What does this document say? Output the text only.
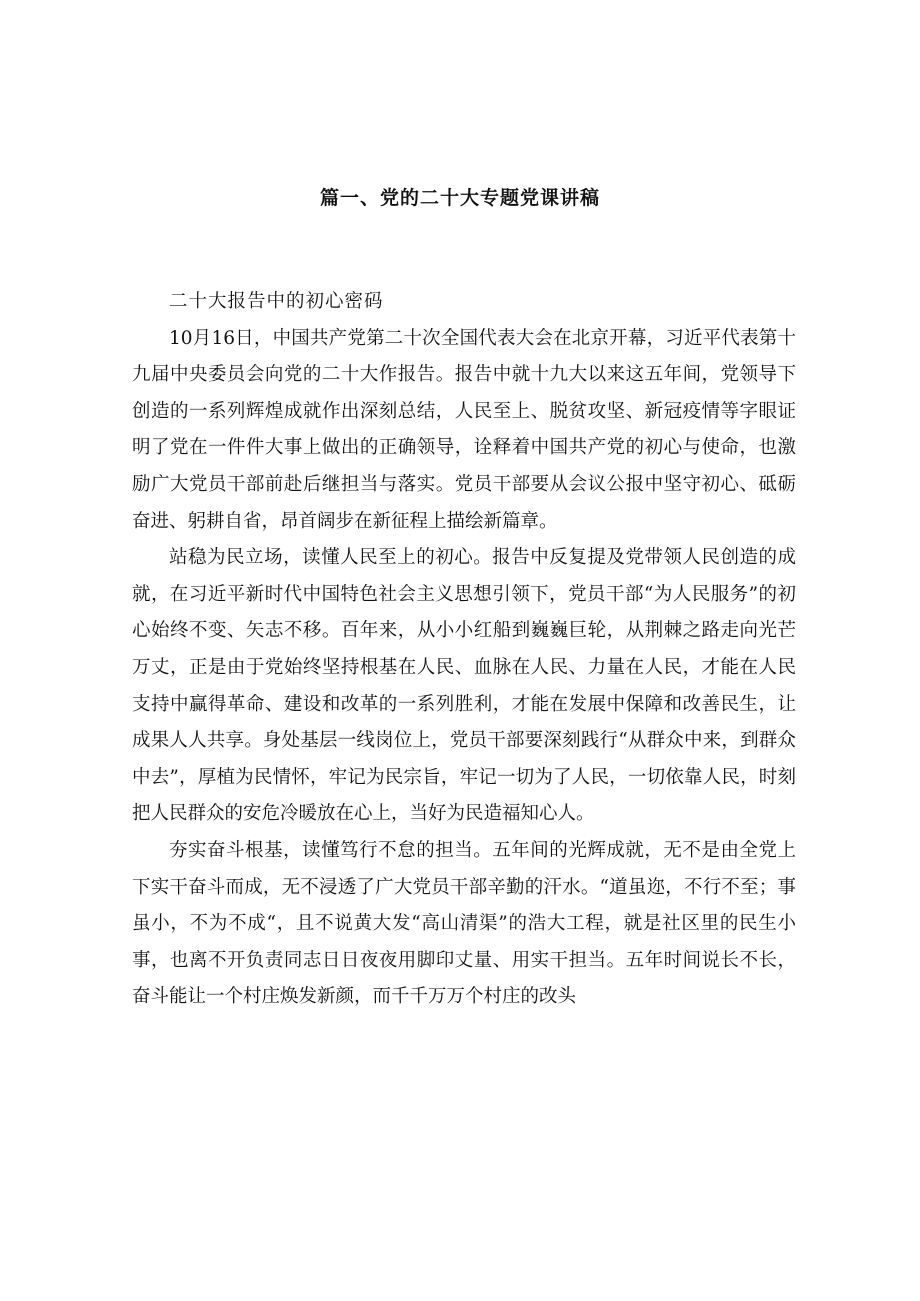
篇一、党的二十大专题党课讲稿

二十大报告中的初心密码

10月16日，中国共产党第二十次全国代表大会在北京开幕，习近平代表第十九届中央委员会向党的二十大作报告。报告中就十九大以来这五年间，党领导下创造的一系列辉煌成就作出深刻总结，人民至上、脱贫攻坚、新冠疫情等字眼证明了党在一件件大事上做出的正确领导，诠释着中国共产党的初心与使命，也激励广大党员干部前赴后继担当与落实。党员干部要从会议公报中坚守初心、砥砺奋进、躬耕自省，昂首阔步在新征程上描绘新篇章。

站稳为民立场，读懂人民至上的初心。报告中反复提及党带领人民创造的成就，在习近平新时代中国特色社会主义思想引领下，党员干部“为人民服务”的初心始终不变、矢志不移。百年来，从小小红船到巍巍巨轮，从荆棘之路走向光芒万丈，正是由于党始终坚持根基在人民、血脉在人民、力量在人民，才能在人民支持中赢得革命、建设和改革的一系列胜利，才能在发展中保障和改善民生，让成果人人共享。身处基层一线岗位上，党员干部要深刻践行“从群众中来，到群众中去”，厚植为民情怀，牢记为民宗旨，牢记一切为了人民，一切依靠人民，时刻把人民群众的安危冷暖放在心上，当好为民造福知心人。

夯实奋斗根基，读懂笃行不怠的担当。五年间的光辉成就，无不是由全党上下实干奋斗而成，无不浸透了广大党员干部辛勤的汗水。“道虽迩，不行不至；事虽小，不为不成“，且不说黄大发“高山清渠”的浩大工程，就是社区里的民生小事，也离不开负责同志日日夜夜用脚印丈量、用实干担当。五年时间说长不长，奋斗能让一个村庄焕发新颜，而千千万万个村庄的改头
